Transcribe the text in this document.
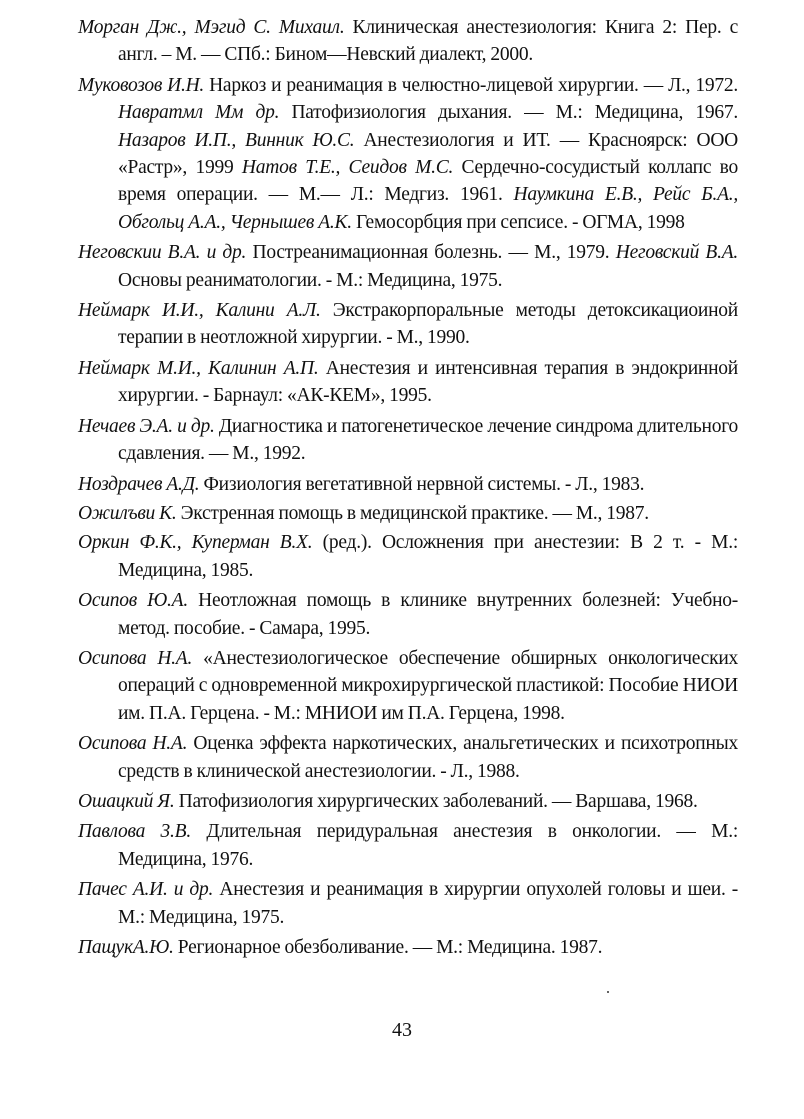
Морган Дж., Мэгид С. Михаил. Клиническая анестезиология: Книга 2: Пер. с англ. – М. — СПб.: Бином—Невский диалект, 2000.

Муковозов И.Н. Наркоз и реанимация в челюстно-лицевой хирургии. — Л., 1972. Навратмл Мм др. Патофизиология дыхания. — М.: Медицина, 1967. Назаров И.П., Винник Ю.С. Анестезиология и ИТ. — Красноярск: ООО «Растр», 1999 Натов Т.Е., Сеидов М.С. Сердечно-сосудистый коллапс во время операции. — М.— Л.: Медгиз. 1961. Наумкина Е.В., Рейс Б.А., Обгольц А.А., Чернышев А.К. Гемосорбция при сепсисе. - ОГМА, 1998

Неговскии В.А. и др. Постреанимационная болезнь. — М., 1979. Неговский В.А. Основы реаниматологии. - М.: Медицина, 1975.

Неймарк И.И., Калини А.Л. Экстракорпоральные методы детоксикациоиной терапии в неотложной хирургии. - М., 1990.

Неймарк М.И., Калинин А.П. Анестезия и интенсивная терапия в эндокринной хирургии. - Барнаул: «АК-КЕМ», 1995.

Нечаев Э.А. и др. Диагностика и патогенетическое лечение синдрома длительного сдавления. — М., 1992.

Ноздрачев А.Д. Физиология вегетативной нервной системы. - Л., 1983.

Ожилъви К. Экстренная помощь в медицинской практике. — М., 1987.

Оркин Ф.К., Куперман В.Х. (ред.). Осложнения при анестезии: В 2 т. - М.: Медицина, 1985.

Осипов Ю.А. Неотложная помощь в клинике внутренних болезней: Учебно-метод. пособие. - Самара, 1995.

Осипова Н.А. «Анестезиологическое обеспечение обширных онкологических операций с одновременной микрохирургической пластикой: Пособие НИОИ им. П.А. Герцена. - М.: МНИОИ им П.А. Герцена, 1998.

Осипова Н.А. Оценка эффекта наркотических, анальгетических и психотропных средств в клинической анестезиологии. - Л., 1988.

Ошацкий Я. Патофизиология хирургических заболеваний. — Варшава, 1968.

Павлова 3.В. Длительная перидуральная анестезия в онкологии. — М.: Медицина, 1976.

Пачес А.И. и др. Анестезия и реанимация в хирургии опухолей головы и шеи. - М.: Медицина, 1975.

ПащукА.Ю. Регионарное обезболивание. — М.: Медицина. 1987.

43
